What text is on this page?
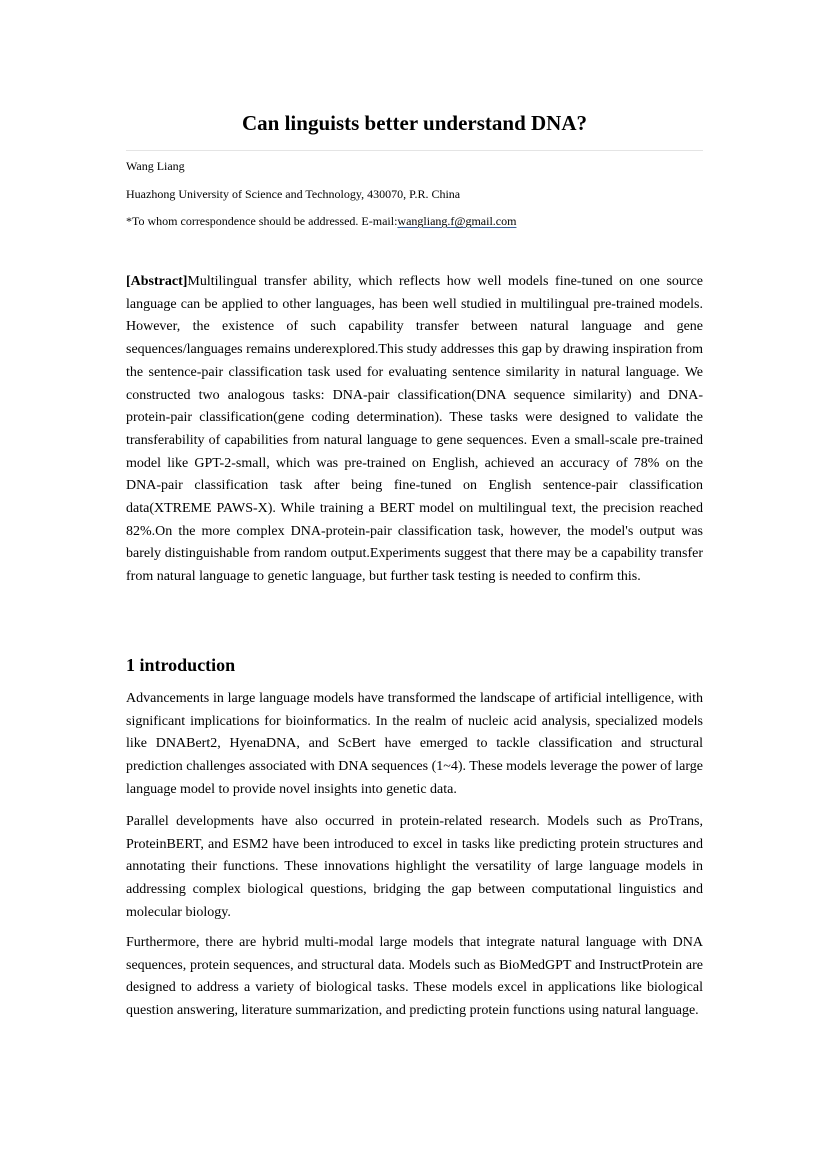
Can linguists better understand DNA?

Wang Liang

Huazhong University of Science and Technology, 430070, P.R. China

*To whom correspondence should be addressed. E-mail:wangliang.f@gmail.com

[Abstract]Multilingual transfer ability, which reflects how well models fine-tuned on one source language can be applied to other languages, has been well studied in multilingual pre-trained models. However, the existence of such capability transfer between natural language and gene sequences/languages remains underexplored.This study addresses this gap by drawing inspiration from the sentence-pair classification task used for evaluating sentence similarity in natural language. We constructed two analogous tasks: DNA-pair classification(DNA sequence similarity) and DNA-protein-pair classification(gene coding determination). These tasks were designed to validate the transferability of capabilities from natural language to gene sequences. Even a small-scale pre-trained model like GPT-2-small, which was pre-trained on English, achieved an accuracy of 78% on the DNA-pair classification task after being fine-tuned on English sentence-pair classification data(XTREME PAWS-X). While training a BERT model on multilingual text, the precision reached 82%.On the more complex DNA-protein-pair classification task, however, the model's output was barely distinguishable from random output.Experiments suggest that there may be a capability transfer from natural language to genetic language, but further task testing is needed to confirm this.

1 introduction

Advancements in large language models have transformed the landscape of artificial intelligence, with significant implications for bioinformatics. In the realm of nucleic acid analysis, specialized models like DNABert2, HyenaDNA, and ScBert have emerged to tackle classification and structural prediction challenges associated with DNA sequences (1~4). These models leverage the power of large language model to provide novel insights into genetic data.

Parallel developments have also occurred in protein-related research. Models such as ProTrans, ProteinBERT, and ESM2 have been introduced to excel in tasks like predicting protein structures and annotating their functions. These innovations highlight the versatility of large language models in addressing complex biological questions, bridging the gap between computational linguistics and molecular biology.

Furthermore, there are hybrid multi-modal large models that integrate natural language with DNA sequences, protein sequences, and structural data. Models such as BioMedGPT and InstructProtein are designed to address a variety of biological tasks. These models excel in applications like biological question answering, literature summarization, and predicting protein functions using natural language.
